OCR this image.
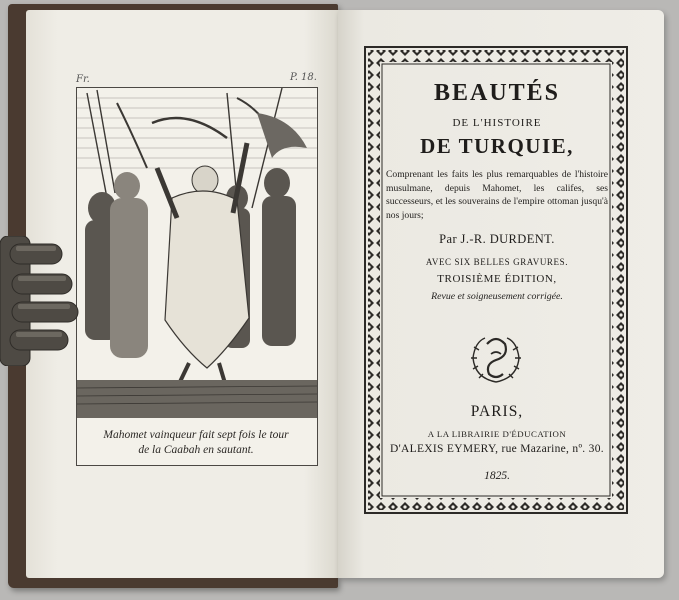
Fr.	P. 18.
Mahomet vainqueur fait sept fois le tour
de la Caabah en sautant.
BEAUTÉS
DE L'HISTOIRE
DE TURQUIE,
Comprenant les faits les plus remarquables de l'histoire musulmane, depuis Mahomet, les califes, ses successeurs, et les souverains de l'empire ottoman jusqu'à nos jours;
Par J.-R. DURDENT.
AVEC SIX BELLES GRAVURES.
TROISIÈME ÉDITION,
Revue et soigneusement corrigée.
PARIS,
A LA LIBRAIRIE D'ÉDUCATION
D'ALEXIS EYMERY, rue Mazarine, nº. 30.
1825.
